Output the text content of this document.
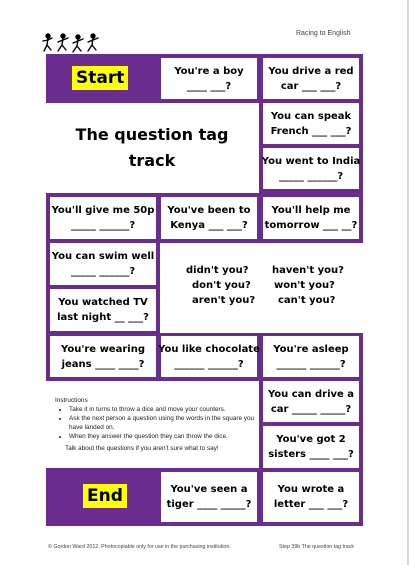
Racing to English
Start	You're a boy
____ ___?
You drive a red
car ___ ___?
You can speak
French ___ ___?
You went to India
_____ ______?
The question tag
track
You'll give me 50p
_____ ______?
You've been to
Kenya ___ ___?
You'll help me
tomorrow ___ __?
You can swim well
_____ ______?
You watched TV
last night __ ___?
didn't you?
don't you?
aren't you?
haven't you?
won't you?
can't you?
You're wearing
jeans ____ ____?
You like chocolate
______ ______?
You're asleep
______ ______?
You can drive a
car _____ _____?
You've got 2
sisters ____ ___?
Instructions
• Take it in turns to throw a dice and move your counters.
• Ask the next person a question using the words in the square you have landed on.
• When they answer the question they can throw the dice.
Talk about the questions if you aren't sure what to say!
End	You've seen a
tiger ____ _____?
You wrote a
letter ___ ___?
© Gordon Ward 2012. Photocopiable only for use in the purchasing institution.	Step 39b The question tag track
